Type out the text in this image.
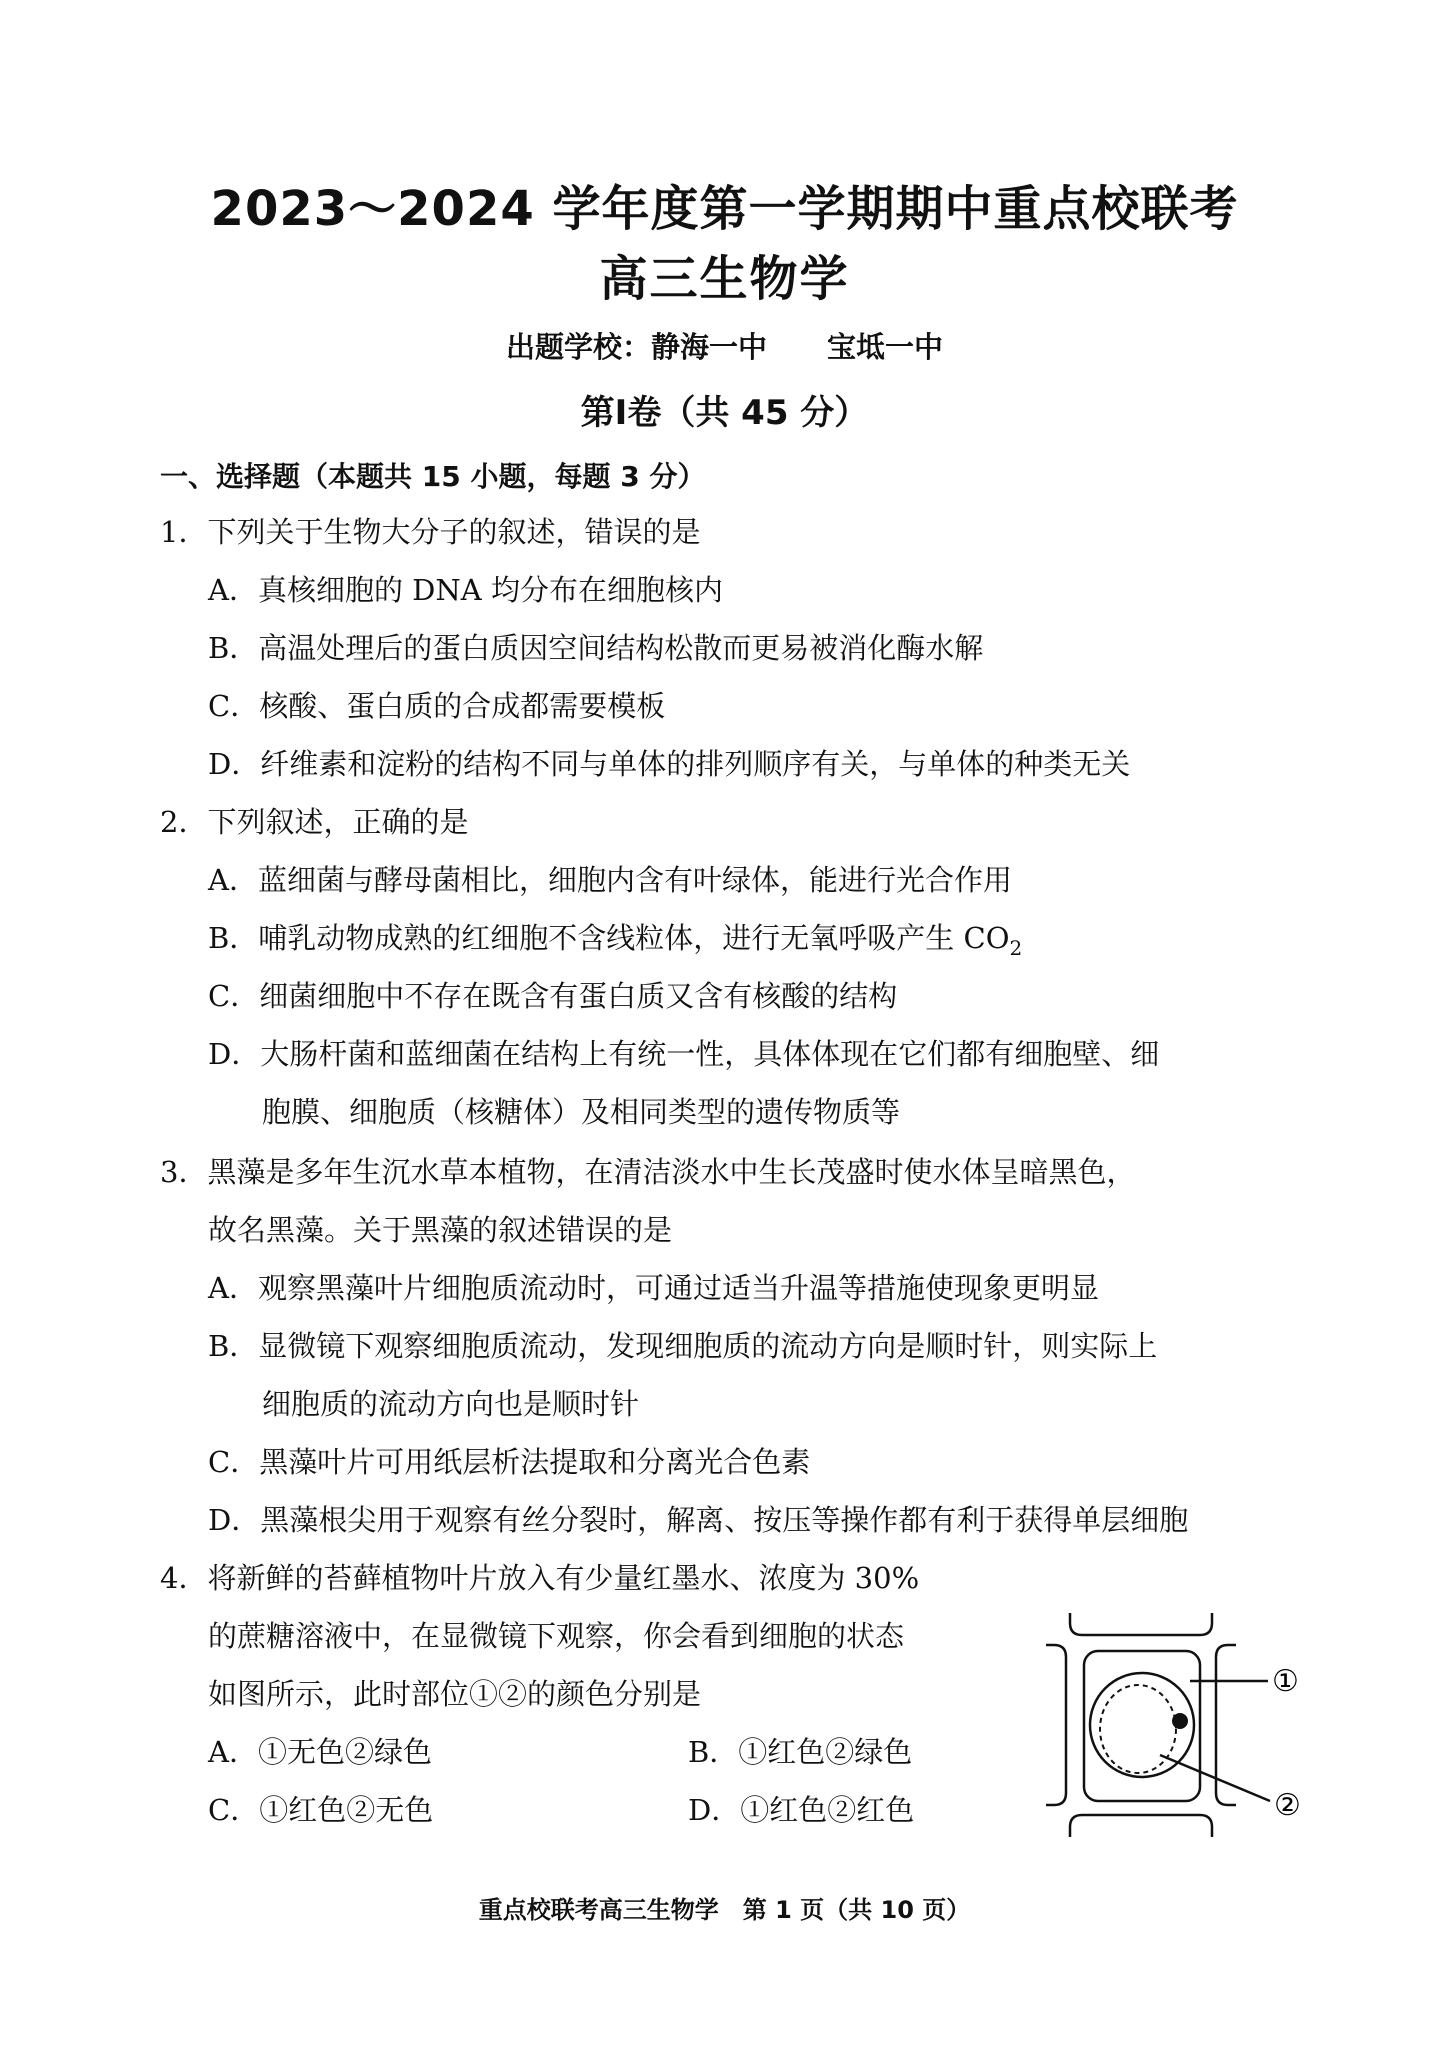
2023～2024 学年度第一学期期中重点校联考
高三生物学
出题学校：静海一中 宝坻一中
第Ⅰ卷（共 45 分）
一、选择题（本题共 15 小题，每题 3 分）
1．下列关于生物大分子的叙述，错误的是
A．真核细胞的 DNA 均分布在细胞核内
B．高温处理后的蛋白质因空间结构松散而更易被消化酶水解
C．核酸、蛋白质的合成都需要模板
D．纤维素和淀粉的结构不同与单体的排列顺序有关，与单体的种类无关
2．下列叙述，正确的是
A．蓝细菌与酵母菌相比，细胞内含有叶绿体，能进行光合作用
B．哺乳动物成熟的红细胞不含线粒体，进行无氧呼吸产生 $CO_2$
C．细菌细胞中不存在既含有蛋白质又含有核酸的结构
D．大肠杆菌和蓝细菌在结构上有统一性，具体体现在它们都有细胞壁、细
胞膜、细胞质（核糖体）及相同类型的遗传物质等
3．黑藻是多年生沉水草本植物，在清洁淡水中生长茂盛时使水体呈暗黑色，
故名黑藻。关于黑藻的叙述错误的是
A．观察黑藻叶片细胞质流动时，可通过适当升温等措施使现象更明显
B．显微镜下观察细胞质流动，发现细胞质的流动方向是顺时针，则实际上
细胞质的流动方向也是顺时针
C．黑藻叶片可用纸层析法提取和分离光合色素
D．黑藻根尖用于观察有丝分裂时，解离、按压等操作都有利于获得单层细胞
4．将新鲜的苔藓植物叶片放入有少量红墨水、浓度为 30%
的蔗糖溶液中，在显微镜下观察，你会看到细胞的状态
如图所示，此时部位①②的颜色分别是
A．①无色②绿色	B．①红色②绿色
C．①红色②无色	D．①红色②红色
①
②
重点校联考高三生物学　第 1 页（共 10 页）
